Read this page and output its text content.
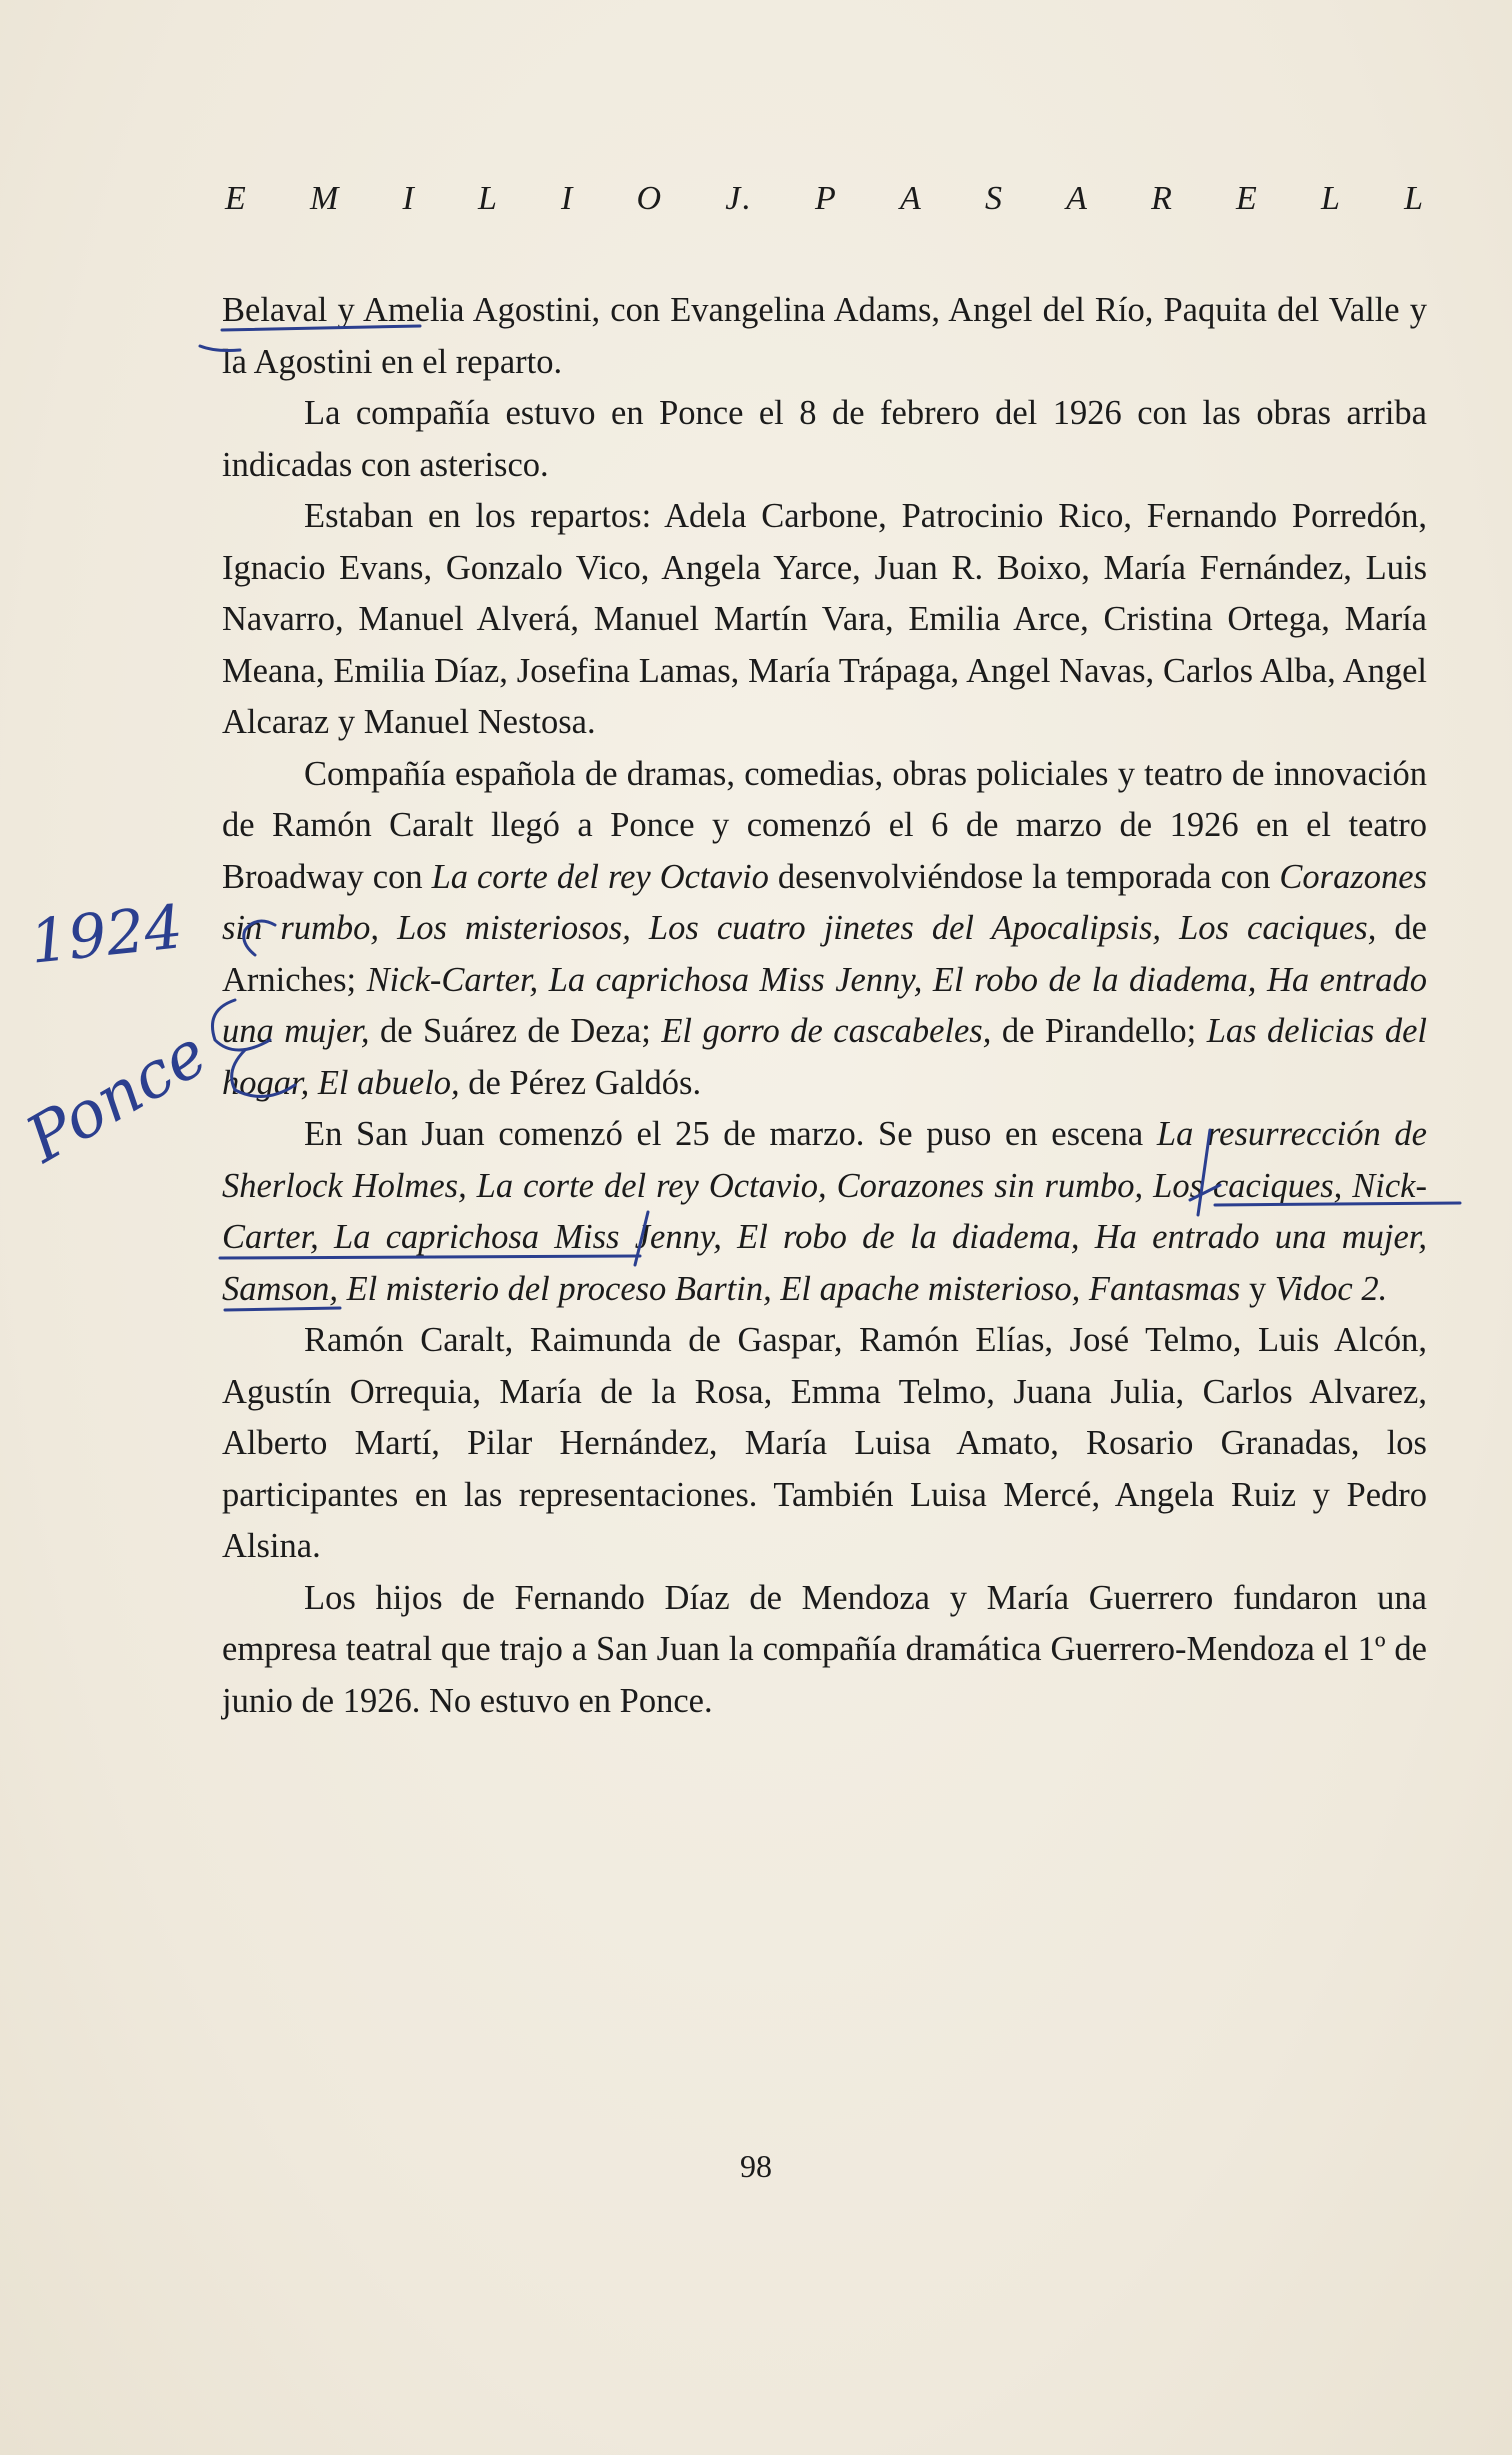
E M I L I O J. P A S A R E L L

Belaval y Amelia Agostini, con Evangelina Adams, Angel del Río, Paquita del Valle y la Agostini en el reparto.

La compañía estuvo en Ponce el 8 de febrero del 1926 con las obras arriba indicadas con asterisco.

Estaban en los repartos: Adela Carbone, Patrocinio Rico, Fernando Porredón, Ignacio Evans, Gonzalo Vico, Angela Yarce, Juan R. Boixo, María Fernández, Luis Navarro, Manuel Alverá, Manuel Martín Vara, Emilia Arce, Cristina Ortega, María Meana, Emilia Díaz, Josefina Lamas, María Trápaga, Angel Navas, Carlos Alba, Angel Alcaraz y Manuel Nestosa.

Compañía española de dramas, comedias, obras policiales y teatro de innovación de Ramón Caralt llegó a Ponce y comenzó el 6 de marzo de 1926 en el teatro Broadway con La corte del rey Octavio desenvolviéndose la temporada con Corazones sin rumbo, Los misteriosos, Los cuatro jinetes del Apocalipsis, Los caciques, de Arniches; Nick-Carter, La caprichosa Miss Jenny, El robo de la diadema, Ha entrado una mujer, de Suárez de Deza; El gorro de cascabeles, de Pirandello; Las delicias del hogar, El abuelo, de Pérez Galdós.

En San Juan comenzó el 25 de marzo. Se puso en escena La resurrección de Sherlock Holmes, La corte del rey Octavio, Corazones sin rumbo, Los caciques, Nick-Carter, La caprichosa Miss Jenny, El robo de la diadema, Ha entrado una mujer, Samson, El misterio del proceso Bartin, El apache misterioso, Fantasmas y Vidoc 2.

Ramón Caralt, Raimunda de Gaspar, Ramón Elías, José Telmo, Luis Alcón, Agustín Orrequia, María de la Rosa, Emma Telmo, Juana Julia, Carlos Alvarez, Alberto Martí, Pilar Hernández, María Luisa Amato, Rosario Granadas, los participantes en las representaciones. También Luisa Mercé, Angela Ruiz y Pedro Alsina.

Los hijos de Fernando Díaz de Mendoza y María Guerrero fundaron una empresa teatral que trajo a San Juan la compañía dramática Guerrero-Mendoza el 1º de junio de 1926. No estuvo en Ponce.

98
1924
Ponce
